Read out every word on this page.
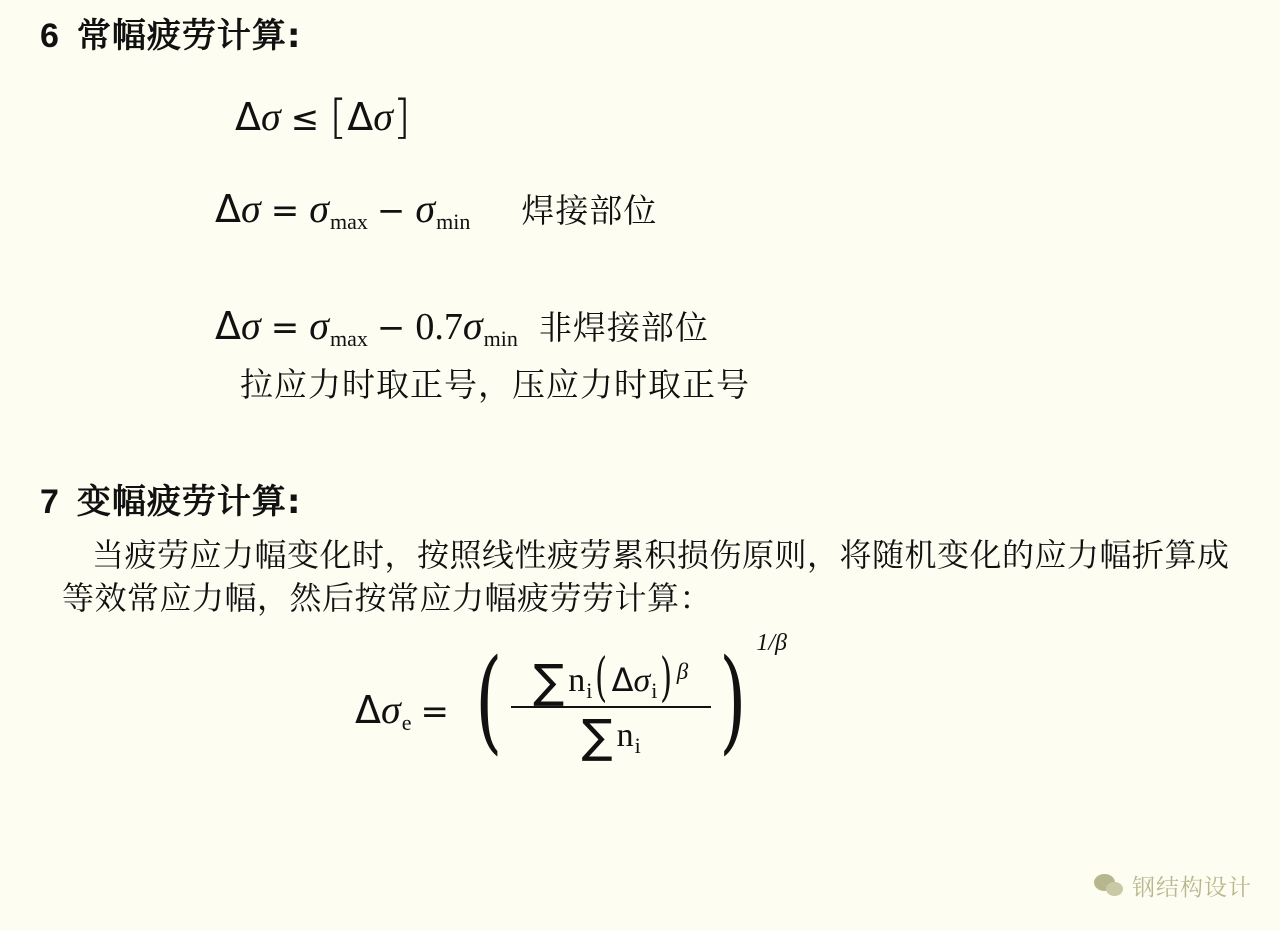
6 常幅疲劳计算:
Δ σ ≤ [ Δ σ ]
Δ σ = σ max − σ min	焊接部位
Δ σ = σ max − 0.7 σ min 非焊接部位
拉应力时取正号，压应力时取正号
7 变幅疲劳计算:
当疲劳应力幅变化时，按照线性疲劳累积损伤原则，将随机变化的应力幅折算成等效常应力幅，然后按常应力幅疲劳劳计算：
Δ σ e = ( ∑ n i ( Δ σ i ) β
∑ n i ) 1/β
钢结构设计
